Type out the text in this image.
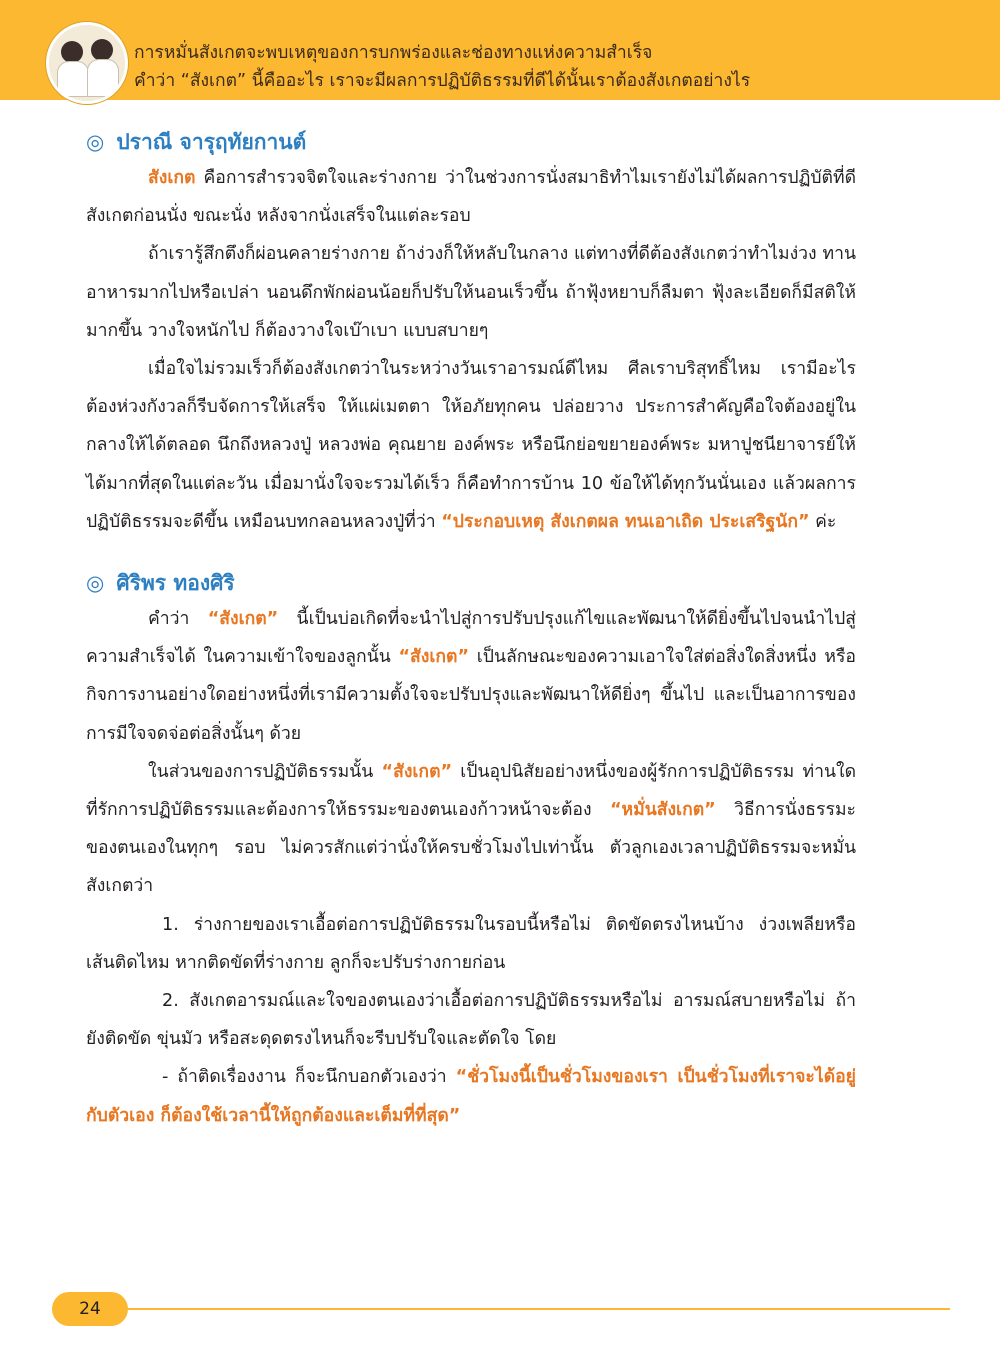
การหมั่นสังเกตจะพบเหตุของการบกพร่องและช่องทางแห่งความสำเร็จ

คำว่า “สังเกต” นี้คืออะไร เราจะมีผลการปฏิบัติธรรมที่ดีได้นั้นเราต้องสังเกตอย่างไร

◎ ปราณี จารุฤทัยกานต์

สังเกต คือการสำรวจจิตใจและร่างกาย ว่าในช่วงการนั่งสมาธิทำไมเรายังไม่ได้ผลการปฏิบัติที่ดี สังเกตก่อนนั่ง ขณะนั่ง หลังจากนั่งเสร็จในแต่ละรอบ

ถ้าเรารู้สึกตึงก็ผ่อนคลายร่างกาย ถ้าง่วงก็ให้หลับในกลาง แต่ทางที่ดีต้องสังเกตว่าทำไมง่วง ทานอาหารมากไปหรือเปล่า นอนดึกพักผ่อนน้อยก็ปรับให้นอนเร็วขึ้น ถ้าฟุ้งหยาบก็ลืมตา ฟุ้งละเอียดก็มีสติให้มากขึ้น วางใจหนักไป ก็ต้องวางใจเบ๊าเบา แบบสบายๆ

เมื่อใจไม่รวมเร็วก็ต้องสังเกตว่าในระหว่างวันเราอารมณ์ดีไหม ศีลเราบริสุทธิ์ไหม เรามีอะไรต้องห่วงกังวลก็รีบจัดการให้เสร็จ ให้แผ่เมตตา ให้อภัยทุกคน ปล่อยวาง ประการสำคัญคือใจต้องอยู่ในกลางให้ได้ตลอด นึกถึงหลวงปู่ หลวงพ่อ คุณยาย องค์พระ หรือนึกย่อขยายองค์พระ มหาปูชนียาจารย์ให้ได้มากที่สุดในแต่ละวัน เมื่อมานั่งใจจะรวมได้เร็ว ก็คือทำการบ้าน 10 ข้อให้ได้ทุกวันนั่นเอง แล้วผลการปฏิบัติธรรมจะดีขึ้น เหมือนบทกลอนหลวงปู่ที่ว่า “ประกอบเหตุ สังเกตผล ทนเอาเถิด ประเสริฐนัก” ค่ะ

◎ ศิริพร ทองศิริ

คำว่า “สังเกต” นี้เป็นบ่อเกิดที่จะนำไปสู่การปรับปรุงแก้ไขและพัฒนาให้ดียิ่งขึ้นไปจนนำไปสู่ความสำเร็จได้ ในความเข้าใจของลูกนั้น “สังเกต” เป็นลักษณะของความเอาใจใส่ต่อสิ่งใดสิ่งหนึ่ง หรือกิจการงานอย่างใดอย่างหนึ่งที่เรามีความตั้งใจจะปรับปรุงและพัฒนาให้ดียิ่งๆ ขึ้นไป และเป็นอาการของการมีใจจดจ่อต่อสิ่งนั้นๆ ด้วย

ในส่วนของการปฏิบัติธรรมนั้น “สังเกต” เป็นอุปนิสัยอย่างหนึ่งของผู้รักการปฏิบัติธรรม ท่านใดที่รักการปฏิบัติธรรมและต้องการให้ธรรมะของตนเองก้าวหน้าจะต้อง “หมั่นสังเกต” วิธีการนั่งธรรมะของตนเองในทุกๆ รอบ ไม่ควรสักแต่ว่านั่งให้ครบชั่วโมงไปเท่านั้น ตัวลูกเองเวลาปฏิบัติธรรมจะหมั่นสังเกตว่า

1. ร่างกายของเราเอื้อต่อการปฏิบัติธรรมในรอบนี้หรือไม่ ติดขัดตรงไหนบ้าง ง่วงเพลียหรือเส้นติดไหม หากติดขัดที่ร่างกาย ลูกก็จะปรับร่างกายก่อน

2. สังเกตอารมณ์และใจของตนเองว่าเอื้อต่อการปฏิบัติธรรมหรือไม่ อารมณ์สบายหรือไม่ ถ้ายังติดขัด ขุ่นมัว หรือสะดุดตรงไหนก็จะรีบปรับใจและตัดใจ โดย

- ถ้าติดเรื่องงาน ก็จะนึกบอกตัวเองว่า “ชั่วโมงนี้เป็นชั่วโมงของเรา เป็นชั่วโมงที่เราจะได้อยู่กับตัวเอง ก็ต้องใช้เวลานี้ให้ถูกต้องและเต็มที่ที่สุด”

24
